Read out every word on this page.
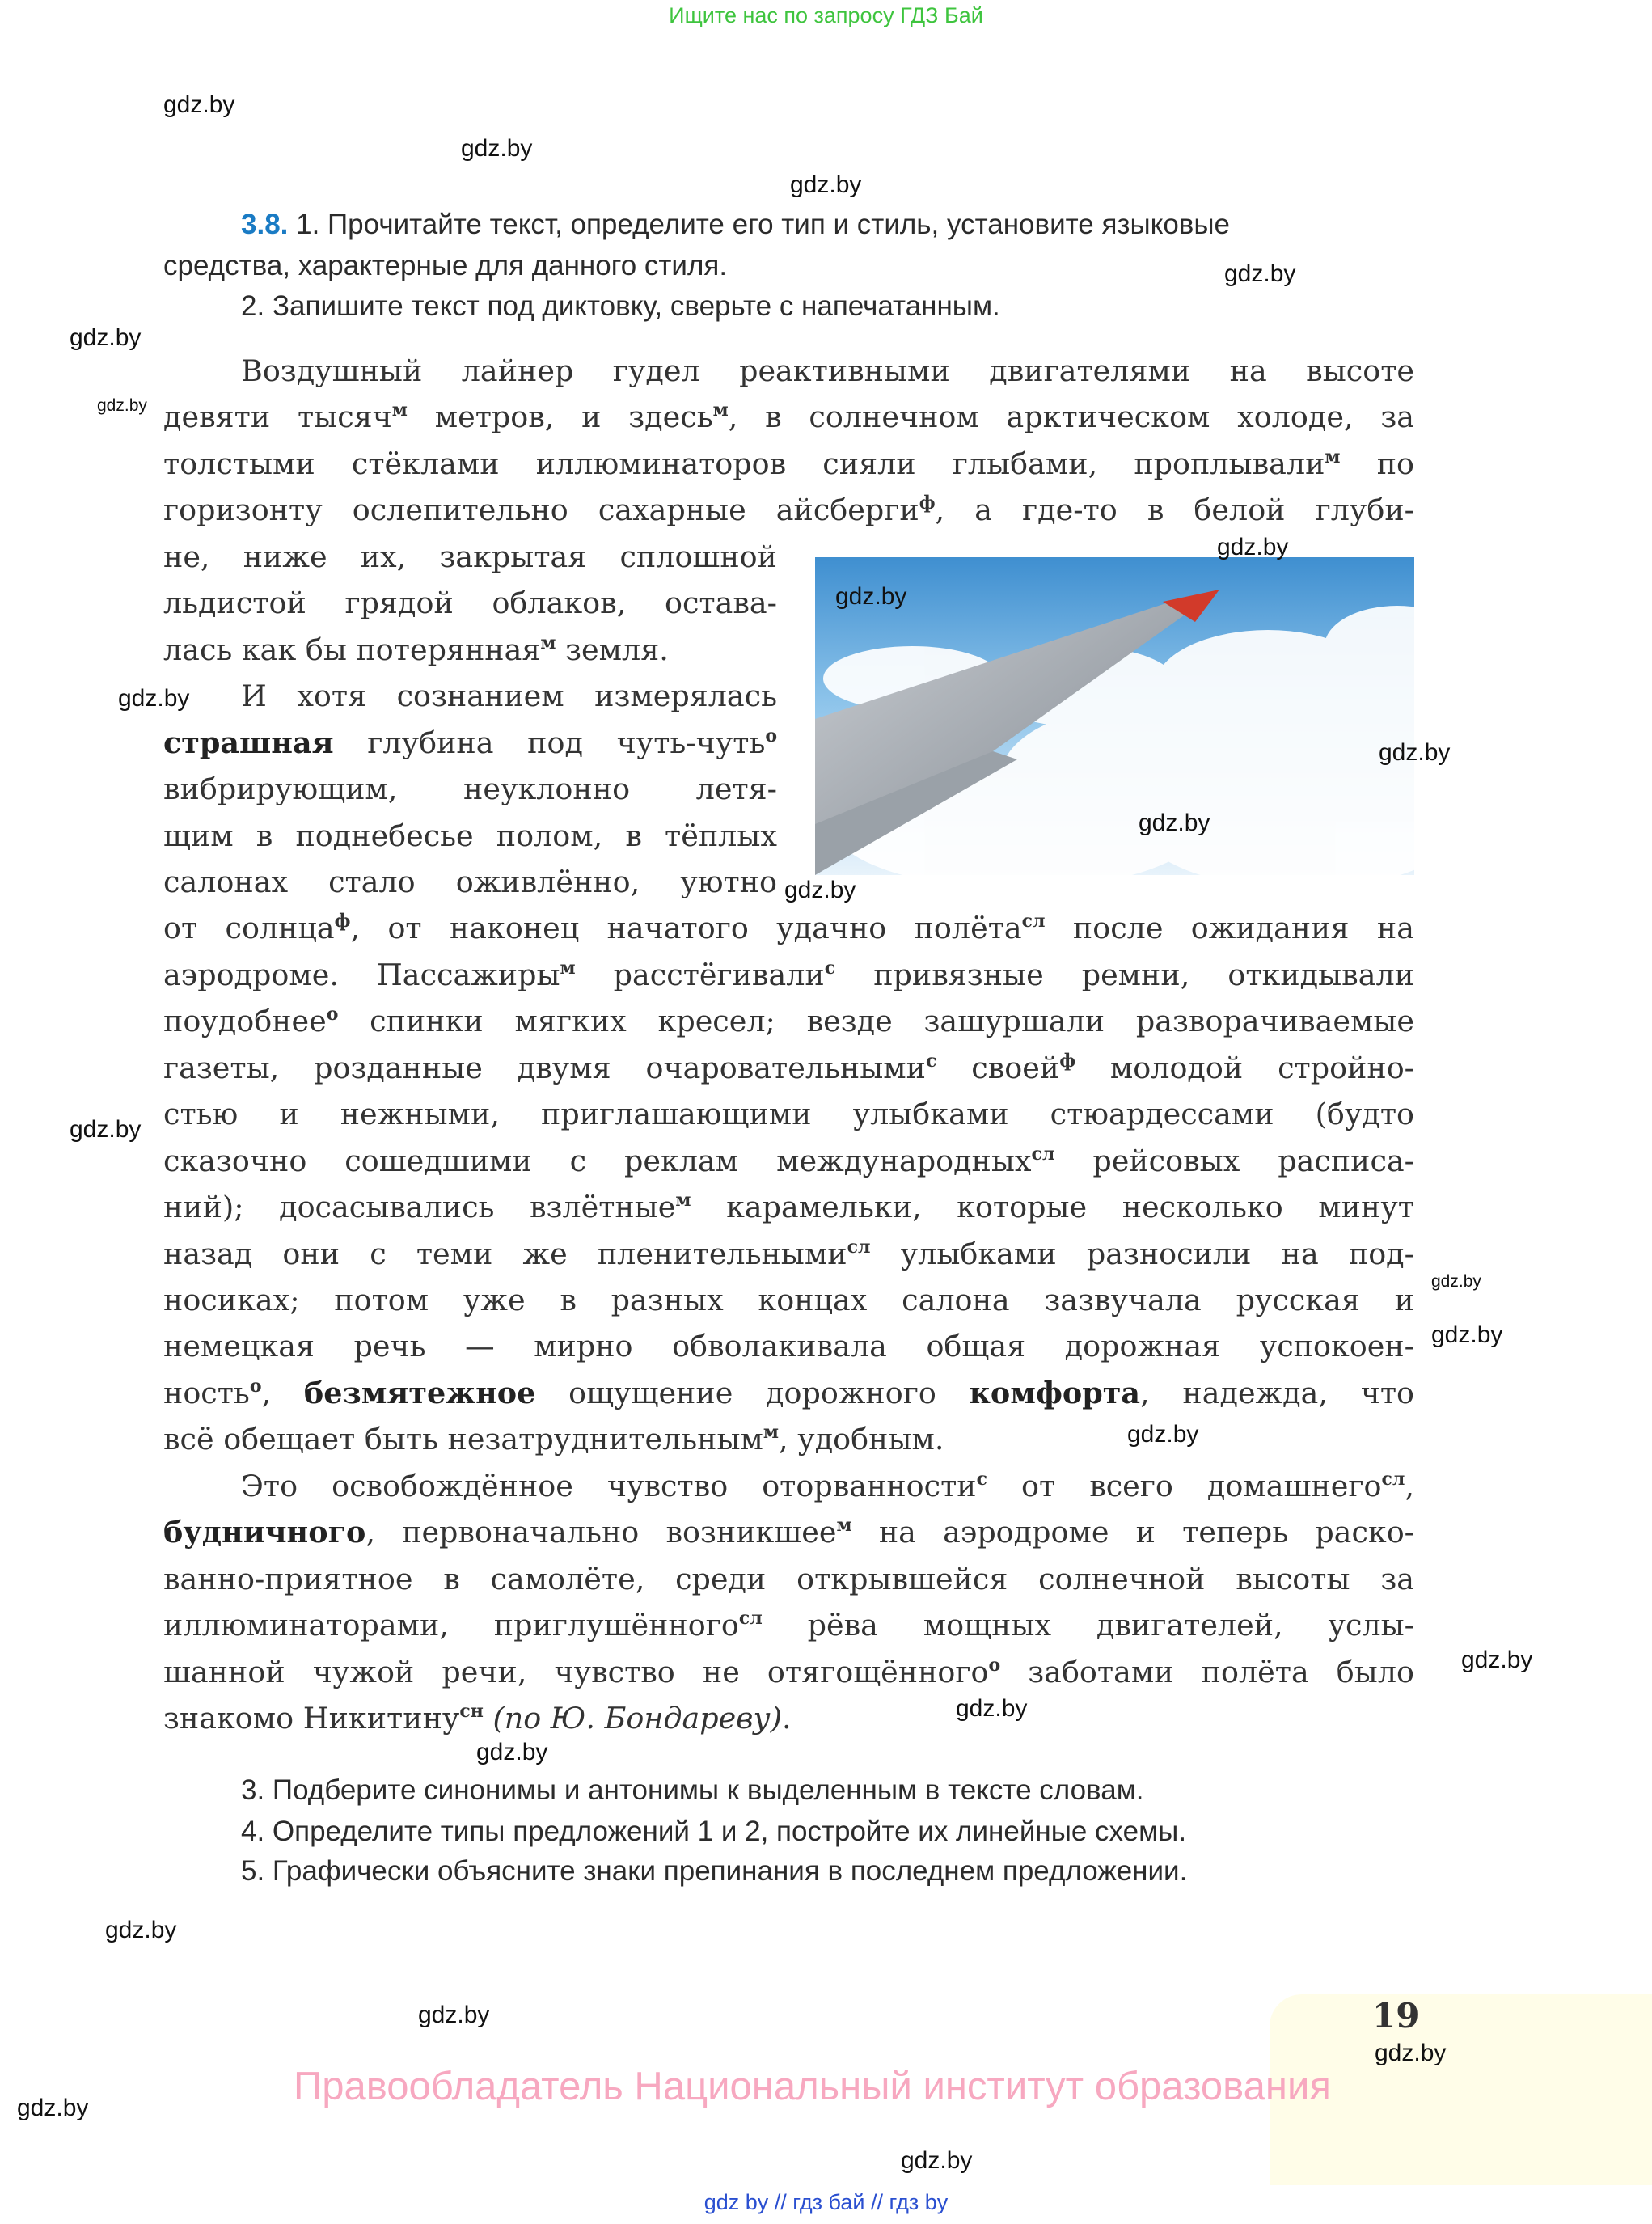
Ищите нас по запросу ГДЗ Бай
3.8. 1. Прочитайте текст, определите его тип и стиль, установите языковые
средства, характерные для данного стиля.
2. Запишите текст под диктовку, сверьте с напечатанным.
Воздушный лайнер гудел реактивными двигателями на высоте
девяти тысяч$^м$ метров, и здесь$^м$, в солнечном арктическом холоде, за
толстыми стёклами иллюминаторов сияли глыбами, проплывали$^м$ по
горизонту ослепительно сахарные айсберги$^ф$, а где-то в белой глуби-
не, ниже их, закрытая сплошной
льдистой грядой облаков, остава-
лась как бы потерянная$^м$ земля.
И хотя сознанием измерялась
страшная глубина под чуть-чуть$^о$
вибрирующим, неуклонно летя-
щим в поднебесье полом, в тёплых
салонах стало оживлённо, уютно
от солнца$^ф$, от наконец начатого удачно полёта$^{сл}$ после ожидания на
аэродроме. Пассажиры$^м$ расстёгивали$^с$ привязные ремни, откидывали
поудобнее$^о$ спинки мягких кресел; везде зашуршали разворачиваемые
газеты, розданные двумя очаровательными$^с$ своей$^ф$ молодой стройно-
стью и нежными, приглашающими улыбками стюардессами (будто
сказочно сошедшими с реклам международных$^{сл}$ рейсовых расписа-
ний); досасывались взлётные$^м$ карамельки, которые несколько минут
назад они с теми же пленительными$^{сл}$ улыбками разносили на под-
носиках; потом уже в разных концах салона зазвучала русская и
немецкая речь — мирно обволакивала общая дорожная успокоен-
ность$^о$, безмятежное ощущение дорожного комфорта, надежда, что
всё обещает быть незатруднительным$^м$, удобным.
Это освобождённое чувство оторванности$^с$ от всего домашнего$^{сл}$,
будничного, первоначально возникшее$^м$ на аэродроме и теперь раско-
ванно-приятное в самолёте, среди открывшейся солнечной высоты за
иллюминаторами, приглушённого$^{сл}$ рёва мощных двигателей, услы-
шанной чужой речи, чувство не отягощённого$^о$ заботами полёта было
знакомо Никитину$^{сн}$ (по Ю. Бондареву).
3. Подберите синонимы и антонимы к выделенным в тексте словам.
4. Определите типы предложений 1 и 2, постройте их линейные схемы.
5. Графически объясните знаки препинания в последнем предложении.
19
Правообладатель Национальный институт образования
gdz by // гдз бай // гдз by
gdz.by
gdz.by
gdz.by
gdz.by
gdz.by
gdz.by
gdz.by
gdz.by
gdz.by
gdz.by
gdz.by
gdz.by
gdz.by
gdz.by
gdz.by
gdz.by
gdz.by
gdz.by
gdz.by
gdz.by
gdz.by
gdz.by
gdz.by
gdz.by
